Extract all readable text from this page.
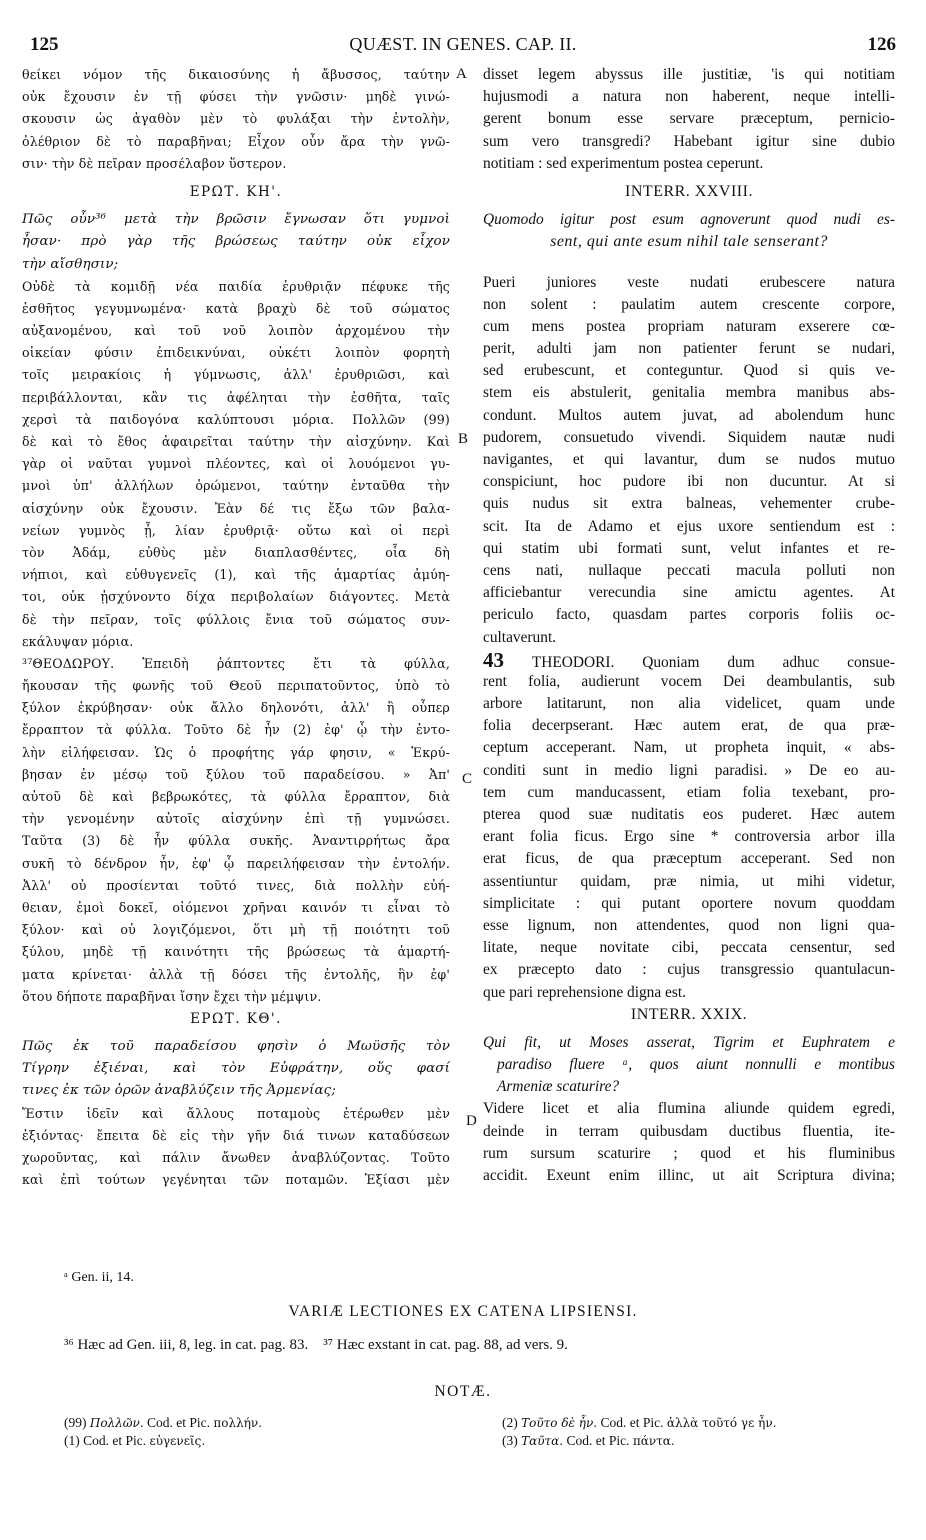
125	QUÆST. IN GENES. CAP. II.	126
θείκει νόμον τῆς δικαιοσύνης ἡ ἄβυσσος, ταύτην
οὐκ ἔχουσιν ἐν τῇ φύσει τὴν γνῶσιν· μηδὲ γινώ-
σκουσιν ὡς ἀγαθὸν μὲν τὸ φυλάξαι τὴν ἐντολὴν,
ὀλέθριον δὲ τὸ παραβῆναι; Εἶχον οὖν ἄρα τὴν γνῶ-
σιν· τὴν δὲ πεῖραν προσέλαβον ὕστερον.
ΕΡΩΤ. ΚΗ'.
Πῶς οὖν³⁶ μετὰ τὴν βρῶσιν ἔγνωσαν ὅτι γυμνοὶ
ἦσαν· πρὸ γὰρ τῆς βρώσεως ταύτην οὐκ εἶχον
τὴν αἴσθησιν;
Οὐδὲ τὰ κομιδῇ νέα παιδία ἐρυθριᾷν πέφυκε τῆς
ἐσθῆτος γεγυμνωμένα· κατὰ βραχὺ δὲ τοῦ σώματος
αὐξανομένου, καὶ τοῦ νοῦ λοιπὸν ἀρχομένου τὴν
οἰκείαν φύσιν ἐπιδεικνύναι, οὐκέτι λοιπὸν φορητὴ
τοῖς μειρακίοις ἡ γύμνωσις, ἀλλ' ἐρυθριῶσι, καὶ
περιβάλλονται, κἂν τις ἀφέληται τὴν ἐσθῆτα, ταῖς
χερσὶ τὰ παιδογόνα καλύπτουσι μόρια. Πολλῶν (99)
δὲ καὶ τὸ ἔθος ἀφαιρεῖται ταύτην τὴν αἰσχύνην. Καὶ
γὰρ οἱ ναῦται γυμνοὶ πλέοντες, καὶ οἱ λουόμενοι γυ-
μνοὶ ὑπ' ἀλλήλων ὁρώμενοι, ταύτην ἐνταῦθα τὴν
αἰσχύνην οὐκ ἔχουσιν. Ἐὰν δέ τις ἔξω τῶν βαλα-
νείων γυμνὸς ᾖ, λίαν ἐρυθριᾷ· οὕτω καὶ οἱ περὶ
τὸν Ἀδάμ, εὐθὺς μὲν διαπλασθέντες, οἷα δὴ
νήπιοι, καὶ εὐθυγενεῖς (1), καὶ τῆς ἁμαρτίας ἀμύη-
τοι, οὐκ ᾐσχύνοντο δίχα περιβολαίων διάγοντες. Μετὰ
δὲ τὴν πεῖραν, τοῖς φύλλοις ἔνια τοῦ σώματος συν-
εκάλυψαν μόρια.
³⁷ΘΕΟΔΩΡΟΥ. Ἐπειδὴ ῥάπτοντες ἔτι τὰ φύλλα,
ἤκουσαν τῆς φωνῆς τοῦ Θεοῦ περιπατοῦντος, ὑπὸ τὸ
ξύλον ἐκρύβησαν· οὐκ ἄλλο δηλονότι, ἀλλ' ἢ οὗπερ
ἔρραπτον τὰ φύλλα. Τοῦτο δὲ ἦν (2) ἐφ' ᾧ τὴν ἐντο-
λὴν εἰλήφεισαν. Ὡς ὁ προφήτης γάρ φησιν, « Ἐκρύ-
βησαν ἐν μέσῳ τοῦ ξύλου τοῦ παραδείσου. » Ἀπ'
αὐτοῦ δὲ καὶ βεβρωκότες, τὰ φύλλα ἔρραπτον, διὰ
τὴν γενομένην αὐτοῖς αἰσχύνην ἐπὶ τῇ γυμνώσει.
Ταῦτα (3) δὲ ἦν φύλλα συκῆς. Ἀναντιρρήτως ἄρα
συκῆ τὸ δένδρον ἦν, ἐφ' ᾧ παρειλήφεισαν τὴν ἐντολήν.
Ἀλλ' οὐ προσίενται τοῦτό τινες, διὰ πολλὴν εὐή-
θειαν, ἐμοὶ δοκεῖ, οἰόμενοι χρῆναι καινόν τι εἶναι τὸ
ξύλον· καὶ οὐ λογιζόμενοι, ὅτι μὴ τῇ ποιότητι τοῦ
ξύλου, μηδὲ τῇ καινότητι τῆς βρώσεως τὰ ἁμαρτή-
ματα κρίνεται· ἀλλὰ τῇ δόσει τῆς ἐντολῆς, ἣν ἐφ'
ὅτου δήποτε παραβῆναι ἴσην ἔχει τὴν μέμψιν.
ΕΡΩΤ. ΚΘ'.
Πῶς ἐκ τοῦ παραδείσου φησὶν ὁ Μωϋσῆς τὸν
Τίγρην ἐξιέναι, καὶ τὸν Εὐφράτην, οὕς φασί
τινες ἐκ τῶν ὀρῶν ἀναβλύζειν τῆς Ἀρμενίας;
Ἔστιν ἰδεῖν καὶ ἄλλους ποταμοὺς ἑτέρωθεν μὲν
ἐξιόντας· ἔπειτα δὲ εἰς τὴν γῆν διά τινων καταδύσεων
χωροῦντας, καὶ πάλιν ἄνωθεν ἀναβλύζοντας. Τοῦτο
καὶ ἐπὶ τούτων γεγένηται τῶν ποταμῶν. Ἐξίασι μὲν
A
B
C
D
disset legem abyssus ille justitiæ, 'is qui notitiam
hujusmodi a natura non haberent, neque intelli-
gerent bonum esse servare præceptum, pernicio-
sum vero transgredi? Habebant igitur sine dubio
notitiam : sed experimentum postea ceperunt.
INTERR. XXVIII.
Quomodo igitur post esum agnoverunt quod nudi es-
sent, qui ante esum nihil tale senserant?
Pueri juniores veste nudati erubescere natura
non solent : paulatim autem crescente corpore,
cum mens postea propriam naturam exserere cœ-
perit, adulti jam non patienter ferunt se nudari,
sed erubescunt, et conteguntur. Quod si quis ve-
stem eis abstulerit, genitalia membra manibus abs-
condunt. Multos autem juvat, ad abolendum hunc
pudorem, consuetudo vivendi. Siquidem nautæ nudi
navigantes, et qui lavantur, dum se nudos mutuo
conspiciunt, hoc pudore ibi non ducuntur. At si
quis nudus sit extra balneas, vehementer crube-
scit. Ita de Adamo et ejus uxore sentiendum est :
qui statim ubi formati sunt, velut infantes et re-
cens nati, nullaque peccati macula polluti non
afficiebantur verecundia sine amictu agentes. At
periculo facto, quasdam partes corporis foliis oc-
cultaverunt.
43 THEODORI. Quoniam dum adhuc consue-
rent folia, audierunt vocem Dei deambulantis, sub
arbore latitarunt, non alia videlicet, quam unde
folia decerpserant. Hæc autem erat, de qua præ-
ceptum acceperant. Nam, ut propheta inquit, « abs-
conditi sunt in medio ligni paradisi. » De eo au-
tem cum manducassent, etiam folia texebant, pro-
pterea quod suæ nuditatis eos puderet. Hæc autem
erant folia ficus. Ergo sine * controversia arbor illa
erat ficus, de qua præceptum acceperant. Sed non
assentiuntur quidam, præ nimia, ut mihi videtur,
simplicitate : qui putant oportere novum quoddam
esse lignum, non attendentes, quod non ligni qua-
litate, neque novitate cibi, peccata censentur, sed
ex præcepto dato : cujus transgressio quantulacun-
que pari reprehensione digna est.
INTERR. XXIX.
Qui fit, ut Moses asserat, Tigrim et Euphratem e
paradiso fluere ᵃ, quos aiunt nonnulli e montibus
Armeniæ scaturire?
Videre licet et alia flumina aliunde quidem egredi,
deinde in terram quibusdam ductibus fluentia, ite-
rum sursum scaturire ; quod et his fluminibus
accidit. Exeunt enim illinc, ut ait Scriptura divina;
ᵃ Gen. ii, 14.
VARIÆ LECTIONES EX CATENA LIPSIENSI.
³⁶ Hæc ad Gen. iii, 8, leg. in cat. pag. 83. ³⁷ Hæc exstant in cat. pag. 88, ad vers. 9.
NOTÆ.
(99) Πολλῶν. Cod. et Pic. πολλήν.
(1) Cod. et Pic. εὐγενεῖς.
(2) Τοῦτο δὲ ἦν. Cod. et Pic. ἀλλὰ τοῦτό γε ἦν.
(3) Ταῦτα. Cod. et Pic. πάντα.
